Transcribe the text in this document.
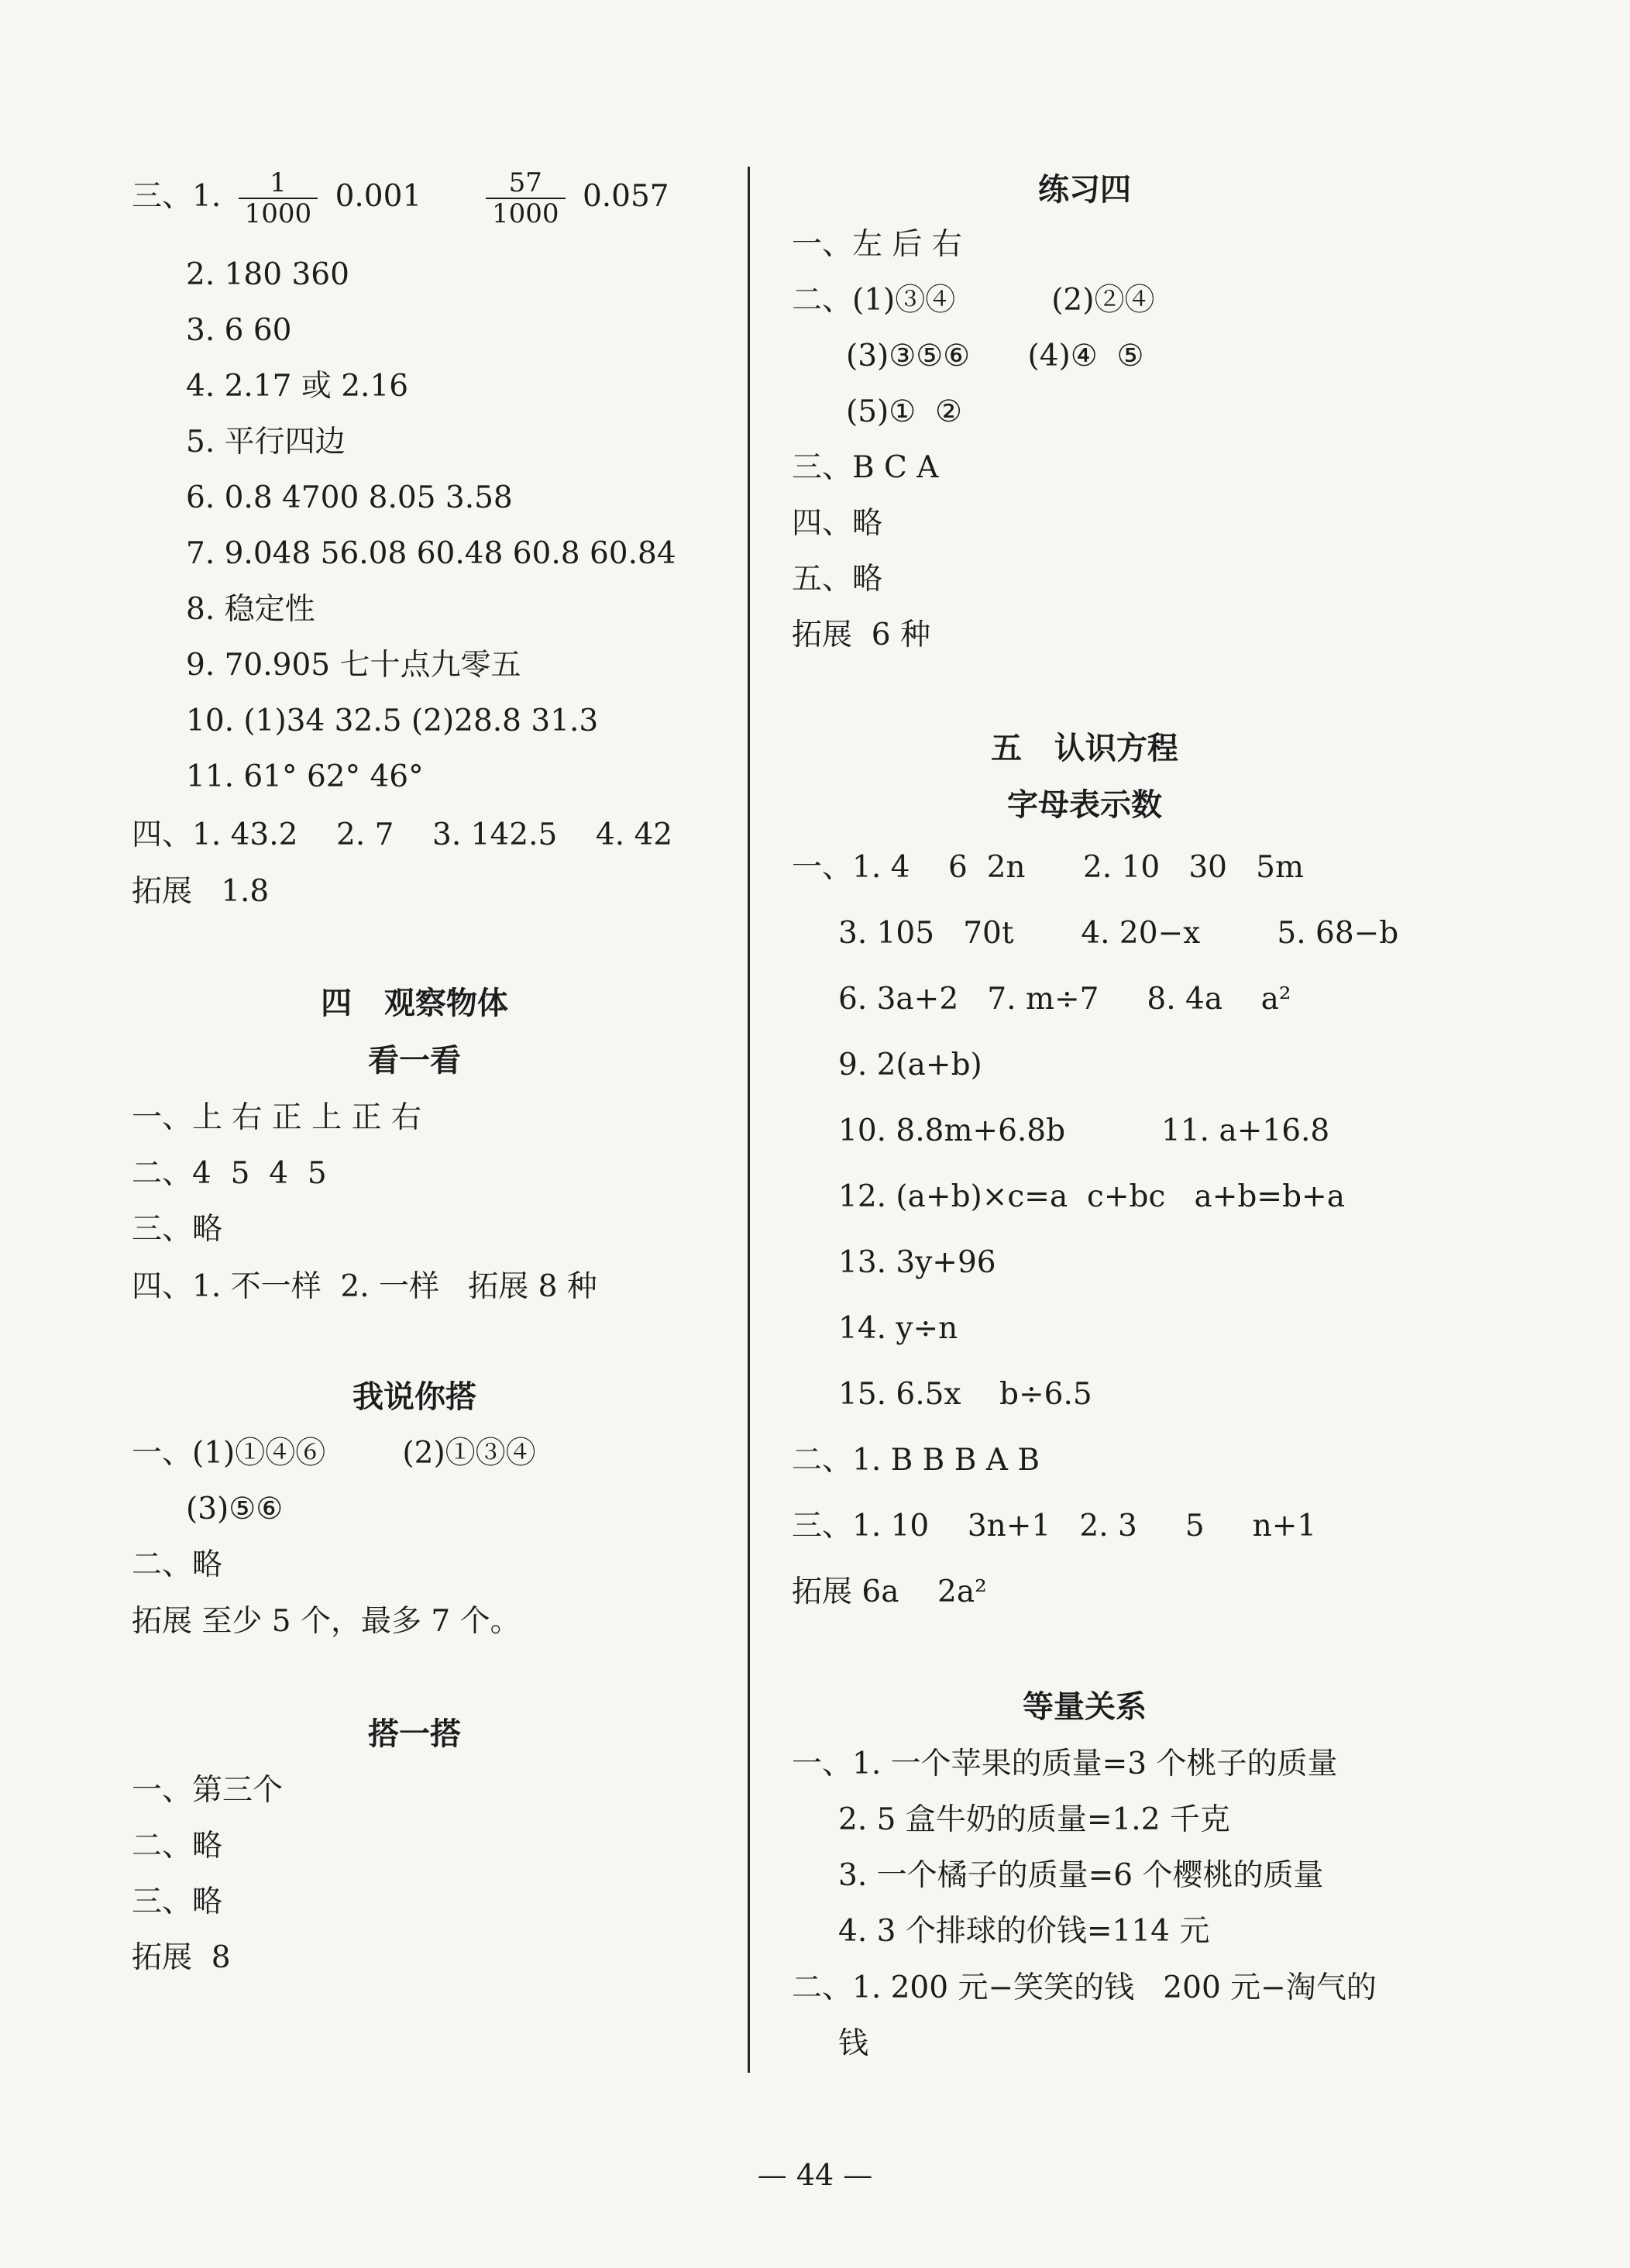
三、1. $\frac{1}{1000} 0.001 \frac{57}{1000} 0.057$
2. 180 360
3. 6 60
4. 2.17 或 2.16
5. 平行四边
6. 0.8 4700 8.05 3.58
7. 9.048 56.08 60.48 60.8 60.84
8. 稳定性
9. 70.905 七十点九零五
10. (1)34 32.5 (2)28.8 31.3
11. 61° 62° 46°
四、1. 43.2    2. 7    3. 142.5    4. 42
拓展   1.8
四   观察物体
看一看
一、上 右 正 上 正 右
二、4  5  4  5
三、略
四、1. 不一样  2. 一样   拓展 8 种
我说你搭
一、(1)①④⑥        (2)①③④
(3)⑤⑥
二、略
拓展 至少 5 个，最多 7 个。
搭一搭
一、第三个
二、略
三、略
拓展  8
练习四
一、左 后 右
二、(1)③④          (2)②④
(3)③⑤⑥      (4)④  ⑤
(5)①  ②
三、B C A
四、略
五、略
拓展  6 种
五   认识方程
字母表示数
一、1. 4    6  2n      2. 10   30   5m
3. 105   70t       4. 20−x        5. 68−b
6. 3a+2   7. m÷7     8. 4a    a²
9. 2(a+b)
10. 8.8m+6.8b          11. a+16.8
12. (a+b)×c=a  c+bc   a+b=b+a
13. 3y+96
14. y÷n
15. 6.5x    b÷6.5
二、1. B B B A B
三、1. 10    3n+1   2. 3     5     n+1
拓展 6a    2a²
等量关系
一、1. 一个苹果的质量=3 个桃子的质量
2. 5 盒牛奶的质量=1.2 千克
3. 一个橘子的质量=6 个樱桃的质量
4. 3 个排球的价钱=114 元
二、1. 200 元−笑笑的钱   200 元−淘气的
钱
— 44 —
